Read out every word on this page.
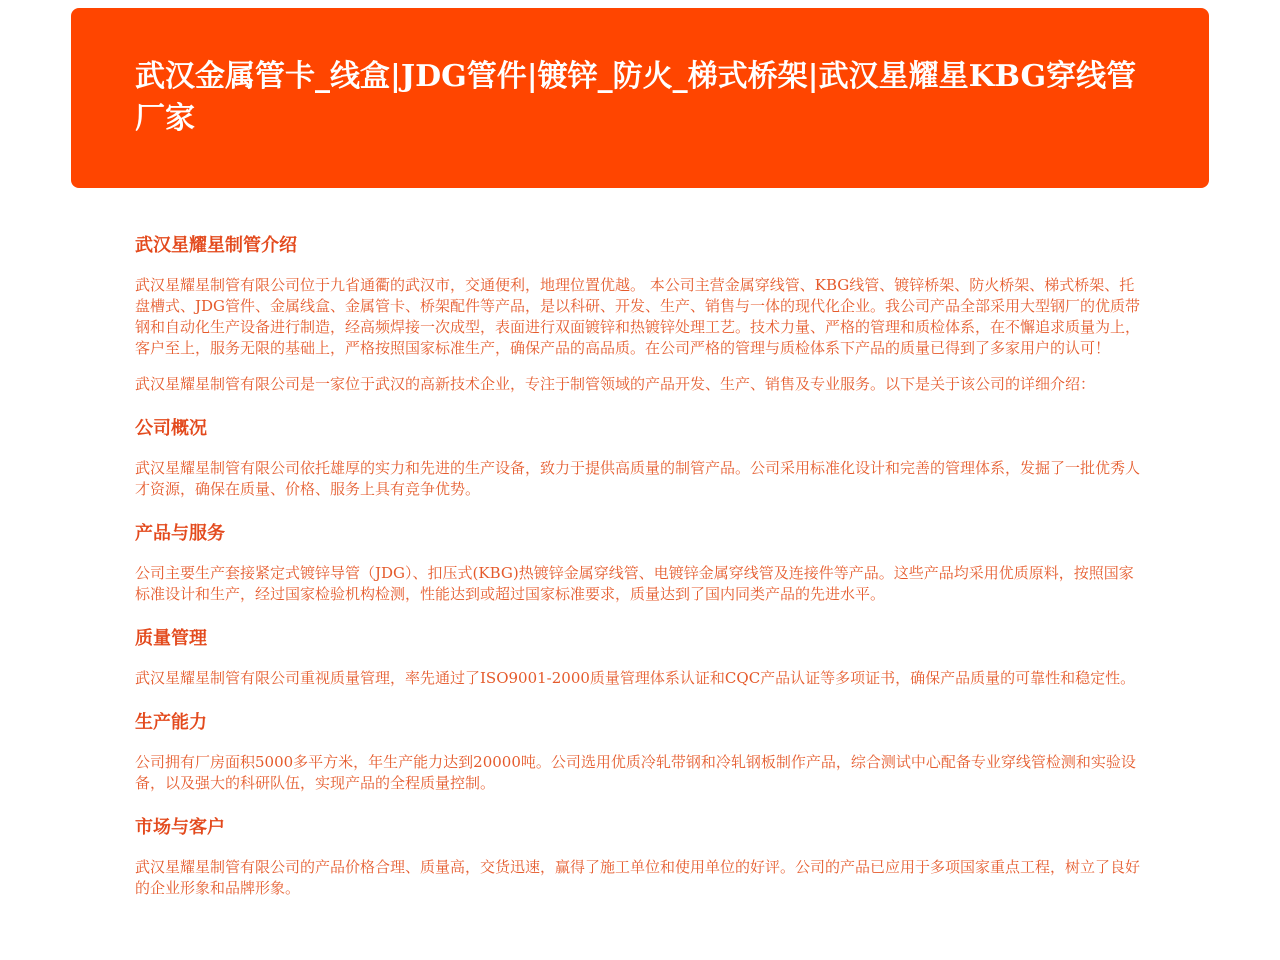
武汉金属管卡_线盒|JDG管件|镀锌_防火_梯式桥架|武汉星耀星KBG穿线管厂家
武汉星耀星制管介绍

武汉星耀星制管有限公司位于九省通衢的武汉市，交通便利，地理位置优越。 本公司主营金属穿线管、KBG线管、镀锌桥架、防火桥架、梯式桥架、托盘槽式、JDG管件、金属线盒、金属管卡、桥架配件等产品，是以科研、开发、生产、销售与一体的现代化企业。我公司产品全部采用大型钢厂的优质带钢和自动化生产设备进行制造，经高频焊接一次成型，表面进行双面镀锌和热镀锌处理工艺。技术力量、严格的管理和质检体系，在不懈追求质量为上，客户至上，服务无限的基础上，严格按照国家标准生产，确保产品的高品质。在公司严格的管理与质检体系下产品的质量已得到了多家用户的认可！

武汉星耀星制管有限公司是一家位于武汉的高新技术企业，专注于制管领域的产品开发、生产、销售及专业服务。以下是关于该公司的详细介绍：

公司概况

武汉星耀星制管有限公司依托雄厚的实力和先进的生产设备，致力于提供高质量的制管产品。公司采用标准化设计和完善的管理体系，发掘了一批优秀人才资源，确保在质量、价格、服务上具有竞争优势。

产品与服务

公司主要生产套接紧定式镀锌导管（JDG）、扣压式(KBG)热镀锌金属穿线管、电镀锌金属穿线管及连接件等产品。这些产品均采用优质原料，按照国家标准设计和生产，经过国家检验机构检测，性能达到或超过国家标准要求，质量达到了国内同类产品的先进水平。

质量管理

武汉星耀星制管有限公司重视质量管理，率先通过了ISO9001-2000质量管理体系认证和CQC产品认证等多项证书，确保产品质量的可靠性和稳定性。

生产能力

公司拥有厂房面积5000多平方米，年生产能力达到20000吨。公司选用优质冷轧带钢和冷轧钢板制作产品，综合测试中心配备专业穿线管检测和实验设备，以及强大的科研队伍，实现产品的全程质量控制。

市场与客户

武汉星耀星制管有限公司的产品价格合理、质量高，交货迅速，赢得了施工单位和使用单位的好评。公司的产品已应用于多项国家重点工程，树立了良好的企业形象和品牌形象。
